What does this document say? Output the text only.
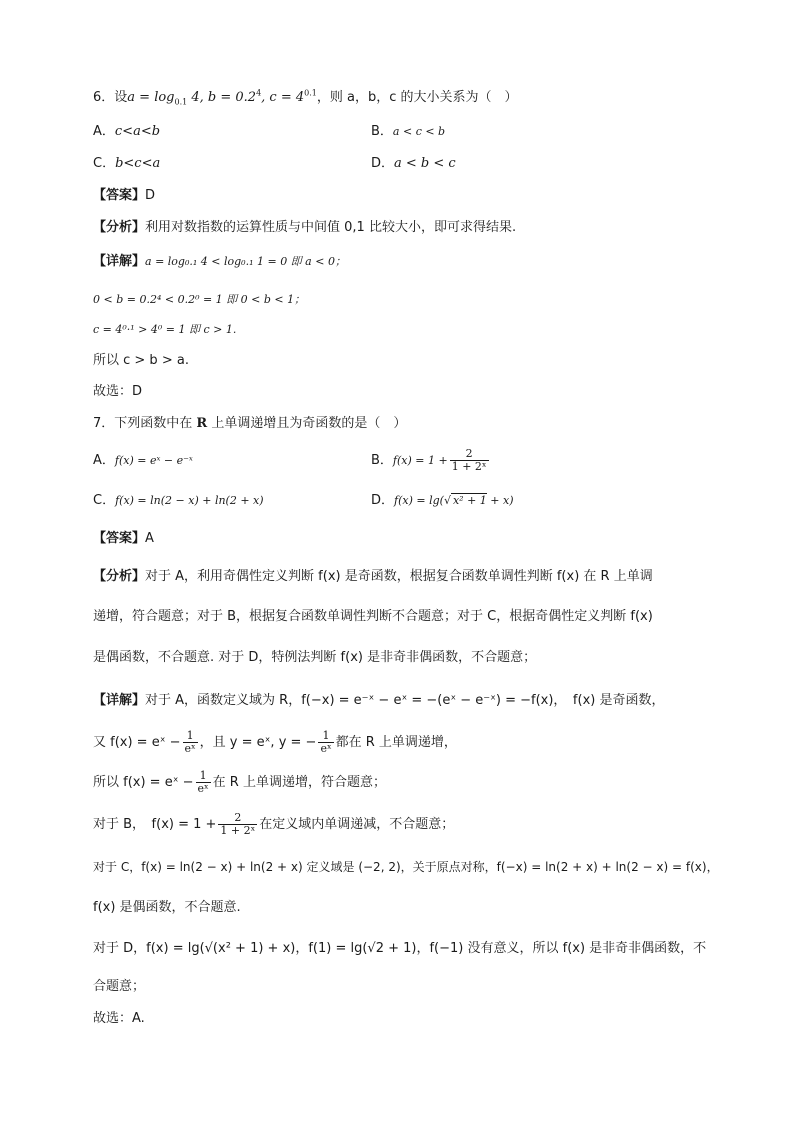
6．设$a = \log_{0.1} 4$, $b = 0.2^4$, $c = 4^{0.1}$，则 a，b，c 的大小关系为（　）
A．c<a<b	B．a < c < b
C．b<c<a	D．a < b < c
【答案】D
【分析】利用对数指数的运算性质与中间值 0,1 比较大小，即可求得结果.
【详解】a = log₀.₁ 4 < log₀.₁ 1 = 0 即 a < 0；
0 < b = 0.2⁴ < 0.2⁰ = 1 即 0 < b < 1；
c = 4⁰·¹ > 4⁰ = 1 即 c > 1.
所以 c > b > a.
故选：D
7．下列函数中在 R 上单调递增且为奇函数的是（　）
A．f(x) = eˣ − e⁻ˣ	B．$f(x) = 1 + \frac{2}{\text{1 + 2ˣ}}$
C．f(x) = ln(2 − x) + ln(2 + x)	D．f(x) = lg(√ x² + 1 + x)
【答案】A
【分析】对于 A，利用奇偶性定义判断 f(x) 是奇函数，根据复合函数单调性判断 f(x) 在 R 上单调
递增，符合题意；对于 B，根据复合函数单调性判断不合题意；对于 C，根据奇偶性定义判断 f(x)
是偶函数，不合题意. 对于 D，特例法判断 f(x) 是非奇非偶函数，不合题意；
【详解】对于 A，函数定义域为 R，f(−x) = e⁻ˣ − eˣ = −(eˣ − e⁻ˣ) = −f(x)，　f(x) 是奇函数，
又 f(x) = eˣ − $\frac{1}{\text{eˣ}}$ ，且 y = eˣ, y = − $\frac{1}{\text{eˣ}}$ 都在 R 上单调递增，
所以 f(x) = eˣ − $\frac{1}{\text{eˣ}}$ 在 R 上单调递增，符合题意；
对于 B，　$f(x) = 1 + \frac{2}{\text{1 + 2ˣ}}$ 在定义域内单调递减，不合题意；
对于 C，f(x) = ln(2 − x) + ln(2 + x) 定义域是 (−2, 2)，关于原点对称，f(−x) = ln(2 + x) + ln(2 − x) = f(x)，
f(x) 是偶函数，不合题意.
对于 D，f(x) = lg(√(x² + 1) + x)，f(1) = lg(√2 + 1)，f(−1) 没有意义，所以 f(x) 是非奇非偶函数，不
合题意；
故选：A.
